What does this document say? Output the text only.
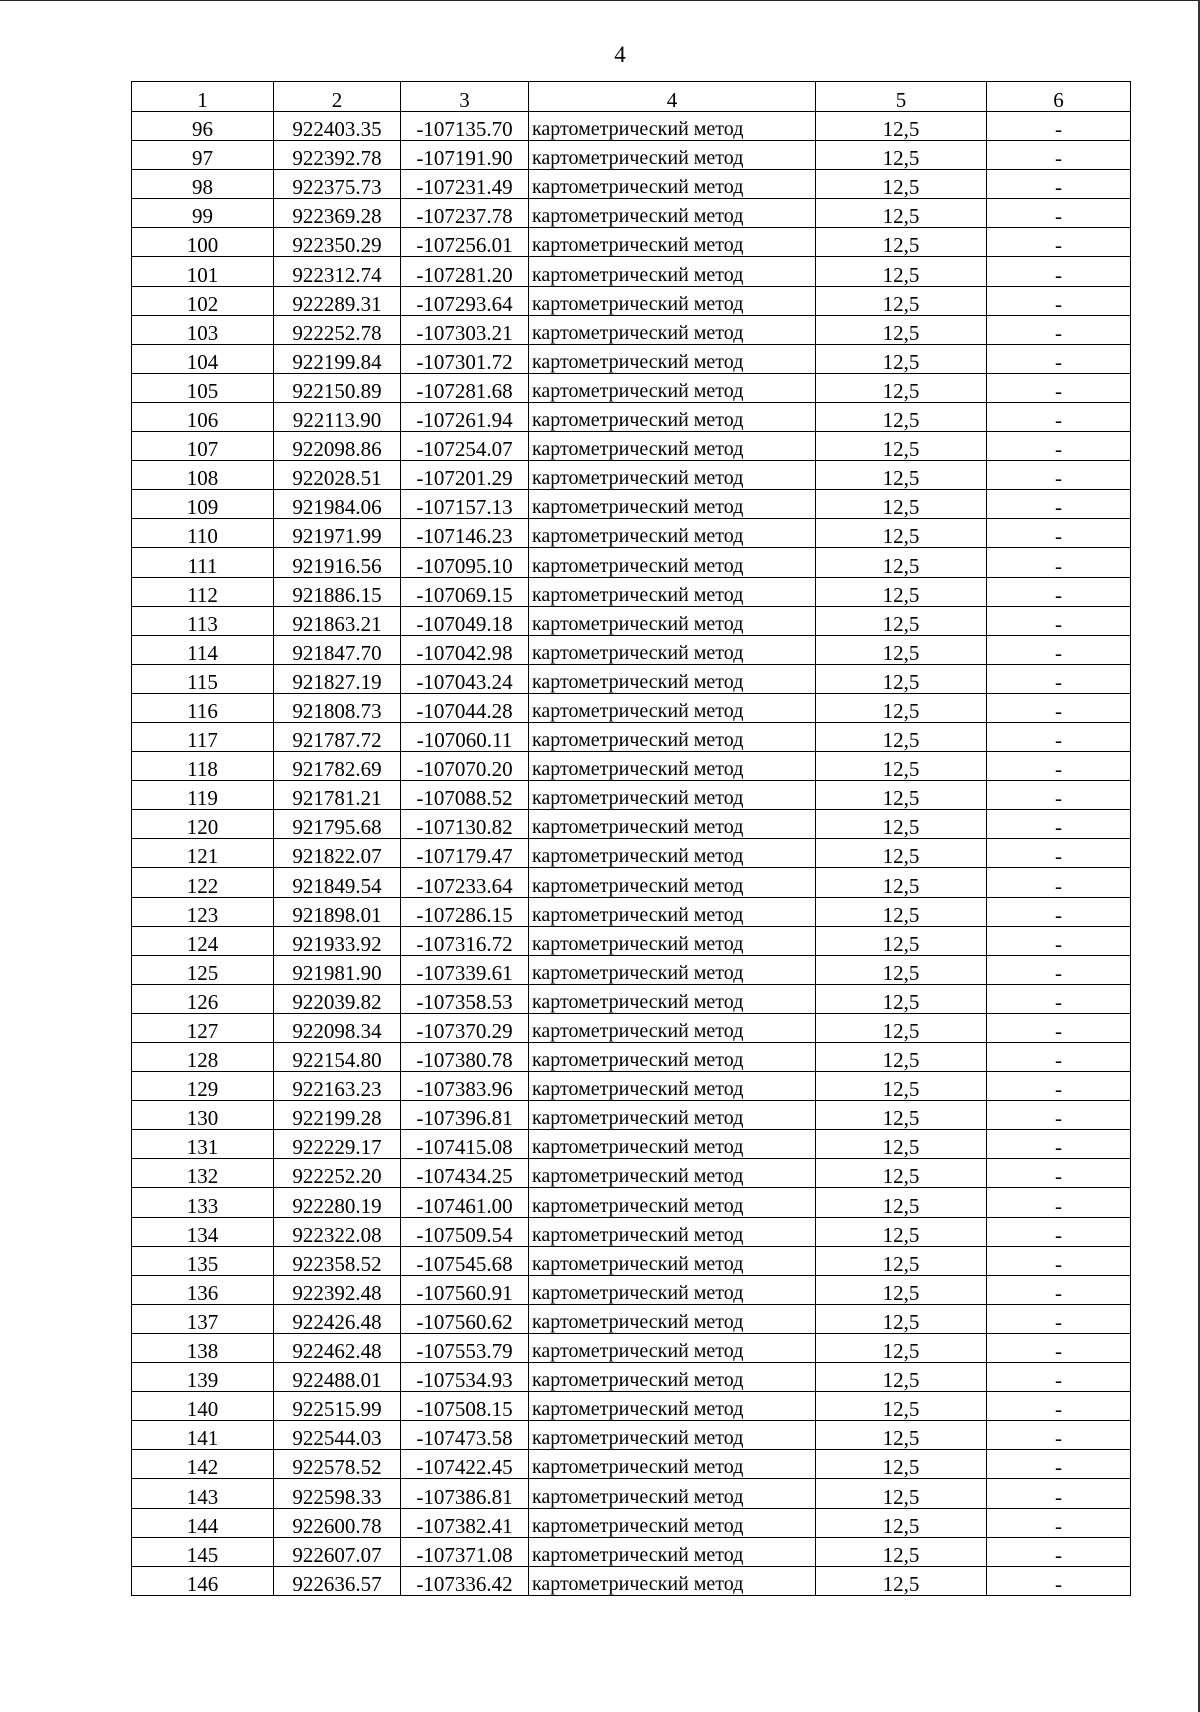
4
1	2	3	4	5	6
96	922403.35	-107135.70	картометрический метод	12,5	-
97	922392.78	-107191.90	картометрический метод	12,5	-
98	922375.73	-107231.49	картометрический метод	12,5	-
99	922369.28	-107237.78	картометрический метод	12,5	-
100	922350.29	-107256.01	картометрический метод	12,5	-
101	922312.74	-107281.20	картометрический метод	12,5	-
102	922289.31	-107293.64	картометрический метод	12,5	-
103	922252.78	-107303.21	картометрический метод	12,5	-
104	922199.84	-107301.72	картометрический метод	12,5	-
105	922150.89	-107281.68	картометрический метод	12,5	-
106	922113.90	-107261.94	картометрический метод	12,5	-
107	922098.86	-107254.07	картометрический метод	12,5	-
108	922028.51	-107201.29	картометрический метод	12,5	-
109	921984.06	-107157.13	картометрический метод	12,5	-
110	921971.99	-107146.23	картометрический метод	12,5	-
111	921916.56	-107095.10	картометрический метод	12,5	-
112	921886.15	-107069.15	картометрический метод	12,5	-
113	921863.21	-107049.18	картометрический метод	12,5	-
114	921847.70	-107042.98	картометрический метод	12,5	-
115	921827.19	-107043.24	картометрический метод	12,5	-
116	921808.73	-107044.28	картометрический метод	12,5	-
117	921787.72	-107060.11	картометрический метод	12,5	-
118	921782.69	-107070.20	картометрический метод	12,5	-
119	921781.21	-107088.52	картометрический метод	12,5	-
120	921795.68	-107130.82	картометрический метод	12,5	-
121	921822.07	-107179.47	картометрический метод	12,5	-
122	921849.54	-107233.64	картометрический метод	12,5	-
123	921898.01	-107286.15	картометрический метод	12,5	-
124	921933.92	-107316.72	картометрический метод	12,5	-
125	921981.90	-107339.61	картометрический метод	12,5	-
126	922039.82	-107358.53	картометрический метод	12,5	-
127	922098.34	-107370.29	картометрический метод	12,5	-
128	922154.80	-107380.78	картометрический метод	12,5	-
129	922163.23	-107383.96	картометрический метод	12,5	-
130	922199.28	-107396.81	картометрический метод	12,5	-
131	922229.17	-107415.08	картометрический метод	12,5	-
132	922252.20	-107434.25	картометрический метод	12,5	-
133	922280.19	-107461.00	картометрический метод	12,5	-
134	922322.08	-107509.54	картометрический метод	12,5	-
135	922358.52	-107545.68	картометрический метод	12,5	-
136	922392.48	-107560.91	картометрический метод	12,5	-
137	922426.48	-107560.62	картометрический метод	12,5	-
138	922462.48	-107553.79	картометрический метод	12,5	-
139	922488.01	-107534.93	картометрический метод	12,5	-
140	922515.99	-107508.15	картометрический метод	12,5	-
141	922544.03	-107473.58	картометрический метод	12,5	-
142	922578.52	-107422.45	картометрический метод	12,5	-
143	922598.33	-107386.81	картометрический метод	12,5	-
144	922600.78	-107382.41	картометрический метод	12,5	-
145	922607.07	-107371.08	картометрический метод	12,5	-
146	922636.57	-107336.42	картометрический метод	12,5	-
